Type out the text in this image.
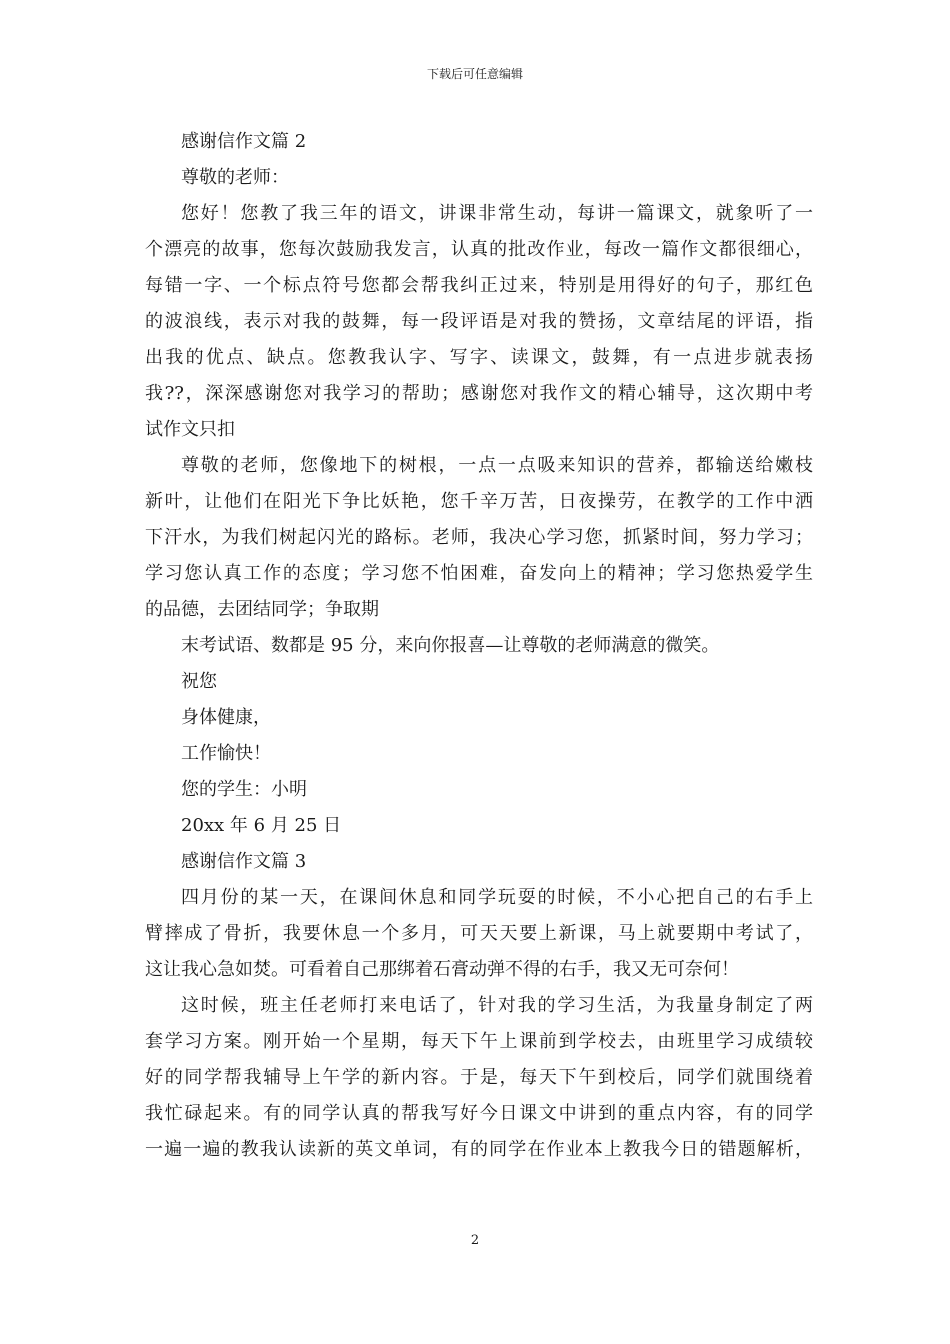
下载后可任意编辑
感谢信作文篇 2
尊敬的老师：
您好！您教了我三年的语文，讲课非常生动，每讲一篇课文，就象听了一
个漂亮的故事，您每次鼓励我发言，认真的批改作业，每改一篇作文都很细心，
每错一字、一个标点符号您都会帮我纠正过来，特别是用得好的句子，那红色
的波浪线，表示对我的鼓舞，每一段评语是对我的赞扬，文章结尾的评语，指
出我的优点、缺点。您教我认字、写字、读课文，鼓舞，有一点进步就表扬
我??，深深感谢您对我学习的帮助；感谢您对我作文的精心辅导，这次期中考
试作文只扣
尊敬的老师，您像地下的树根，一点一点吸来知识的营养，都输送给嫩枝
新叶，让他们在阳光下争比妖艳，您千辛万苦，日夜操劳，在教学的工作中洒
下汗水，为我们树起闪光的路标。老师，我决心学习您，抓紧时间，努力学习；
学习您认真工作的态度；学习您不怕困难，奋发向上的精神；学习您热爱学生
的品德，去团结同学；争取期
末考试语、数都是 95 分，来向你报喜—让尊敬的老师满意的微笑。
祝您
身体健康，
工作愉快！
您的学生：小明
20xx 年 6 月 25 日
感谢信作文篇 3
四月份的某一天，在课间休息和同学玩耍的时候，不小心把自己的右手上
臂摔成了骨折，我要休息一个多月，可天天要上新课，马上就要期中考试了，
这让我心急如焚。可看着自己那绑着石膏动弹不得的右手，我又无可奈何！
这时候，班主任老师打来电话了，针对我的学习生活，为我量身制定了两
套学习方案。刚开始一个星期，每天下午上课前到学校去，由班里学习成绩较
好的同学帮我辅导上午学的新内容。于是，每天下午到校后，同学们就围绕着
我忙碌起来。有的同学认真的帮我写好今日课文中讲到的重点内容，有的同学
一遍一遍的教我认读新的英文单词，有的同学在作业本上教我今日的错题解析，
2
